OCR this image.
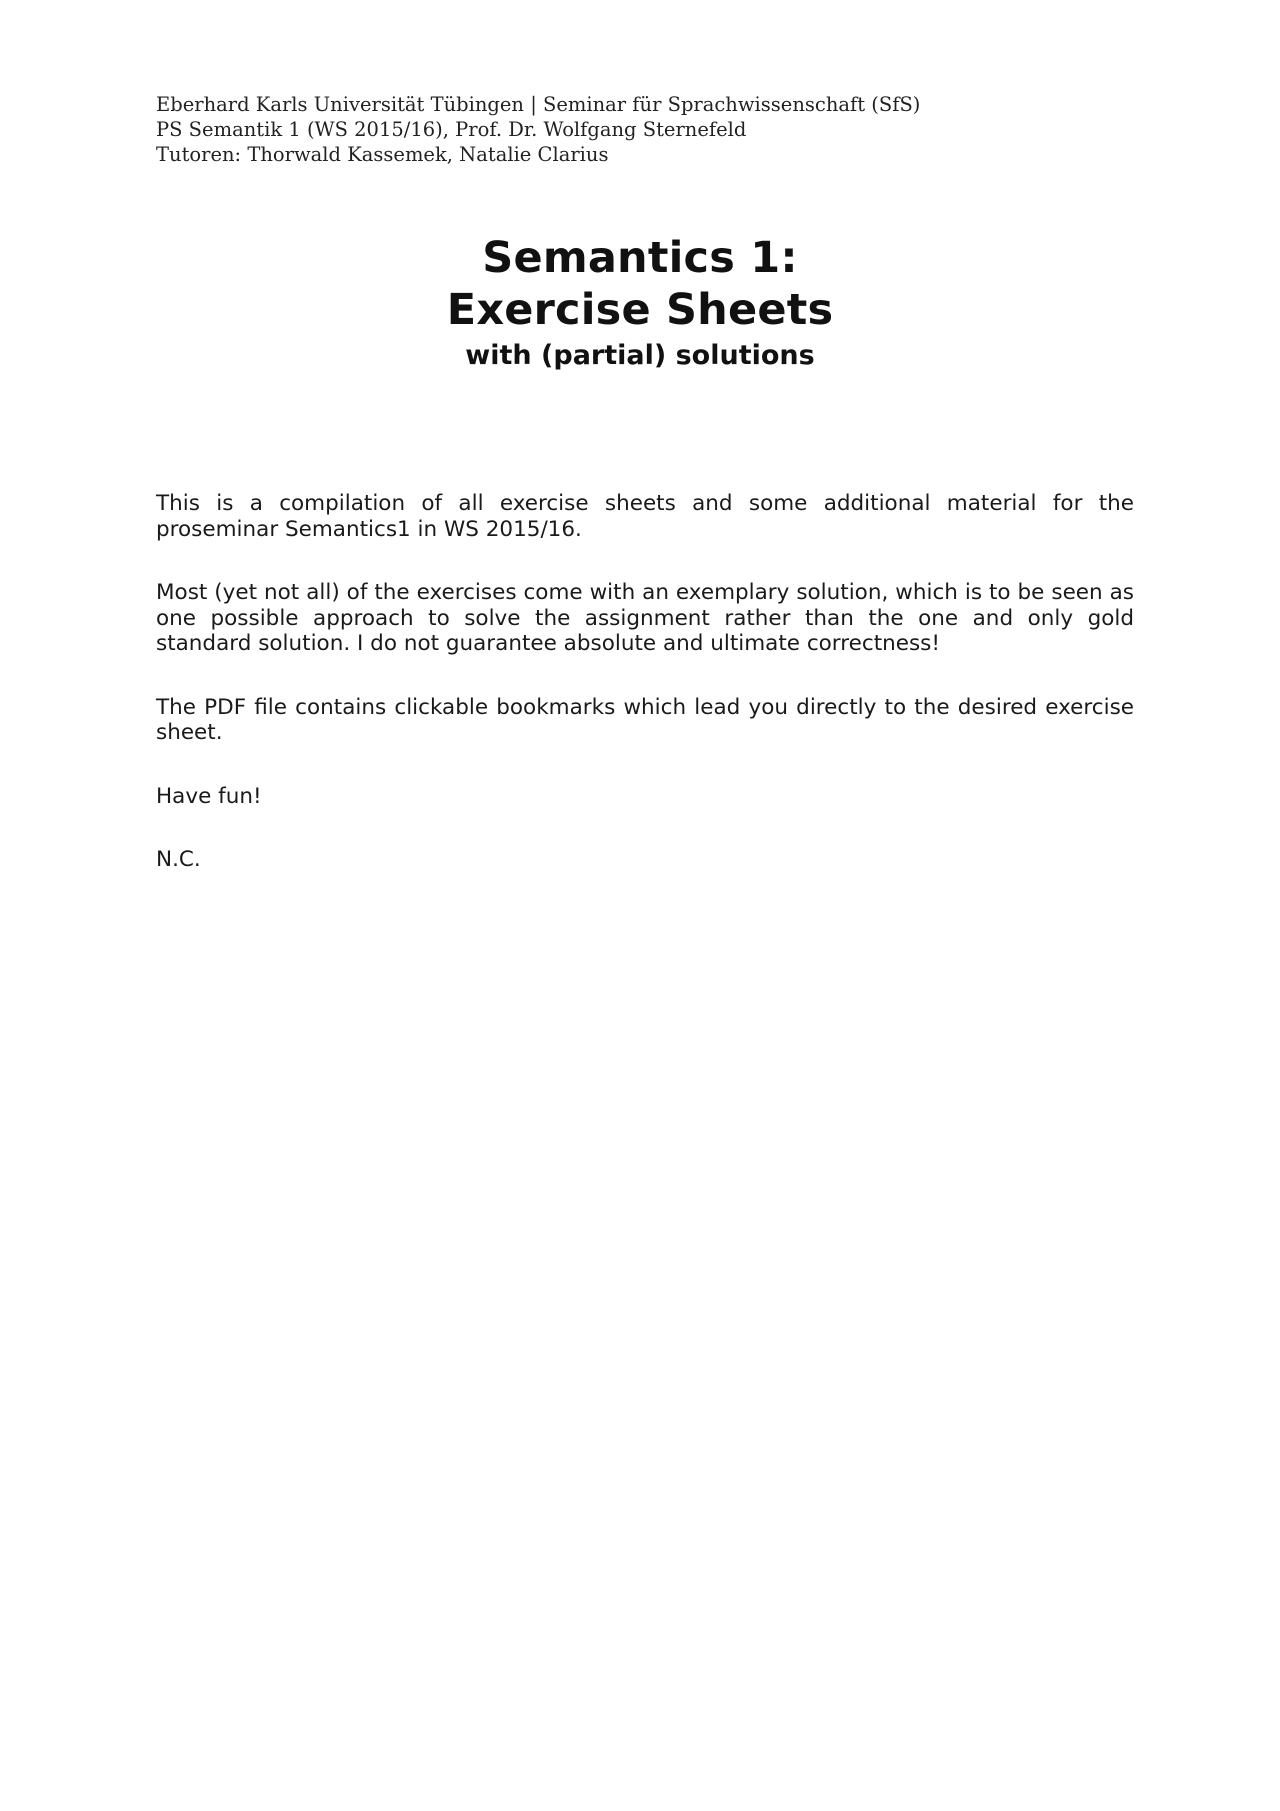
Eberhard Karls Universität Tübingen | Seminar für Sprachwissenschaft (SfS)
PS Semantik 1 (WS 2015/16), Prof. Dr. Wolfgang Sternefeld
Tutoren: Thorwald Kassemek, Natalie Clarius
Semantics 1:
Exercise Sheets
with (partial) solutions

This is a compilation of all exercise sheets and some additional material for the proseminar Semantics1 in WS 2015/16.

Most (yet not all) of the exercises come with an exemplary solution, which is to be seen as one possible approach to solve the assignment rather than the one and only gold standard solution. I do not guarantee absolute and ultimate correctness!

The PDF file contains clickable bookmarks which lead you directly to the desired exercise sheet.

Have fun!

N.C.
